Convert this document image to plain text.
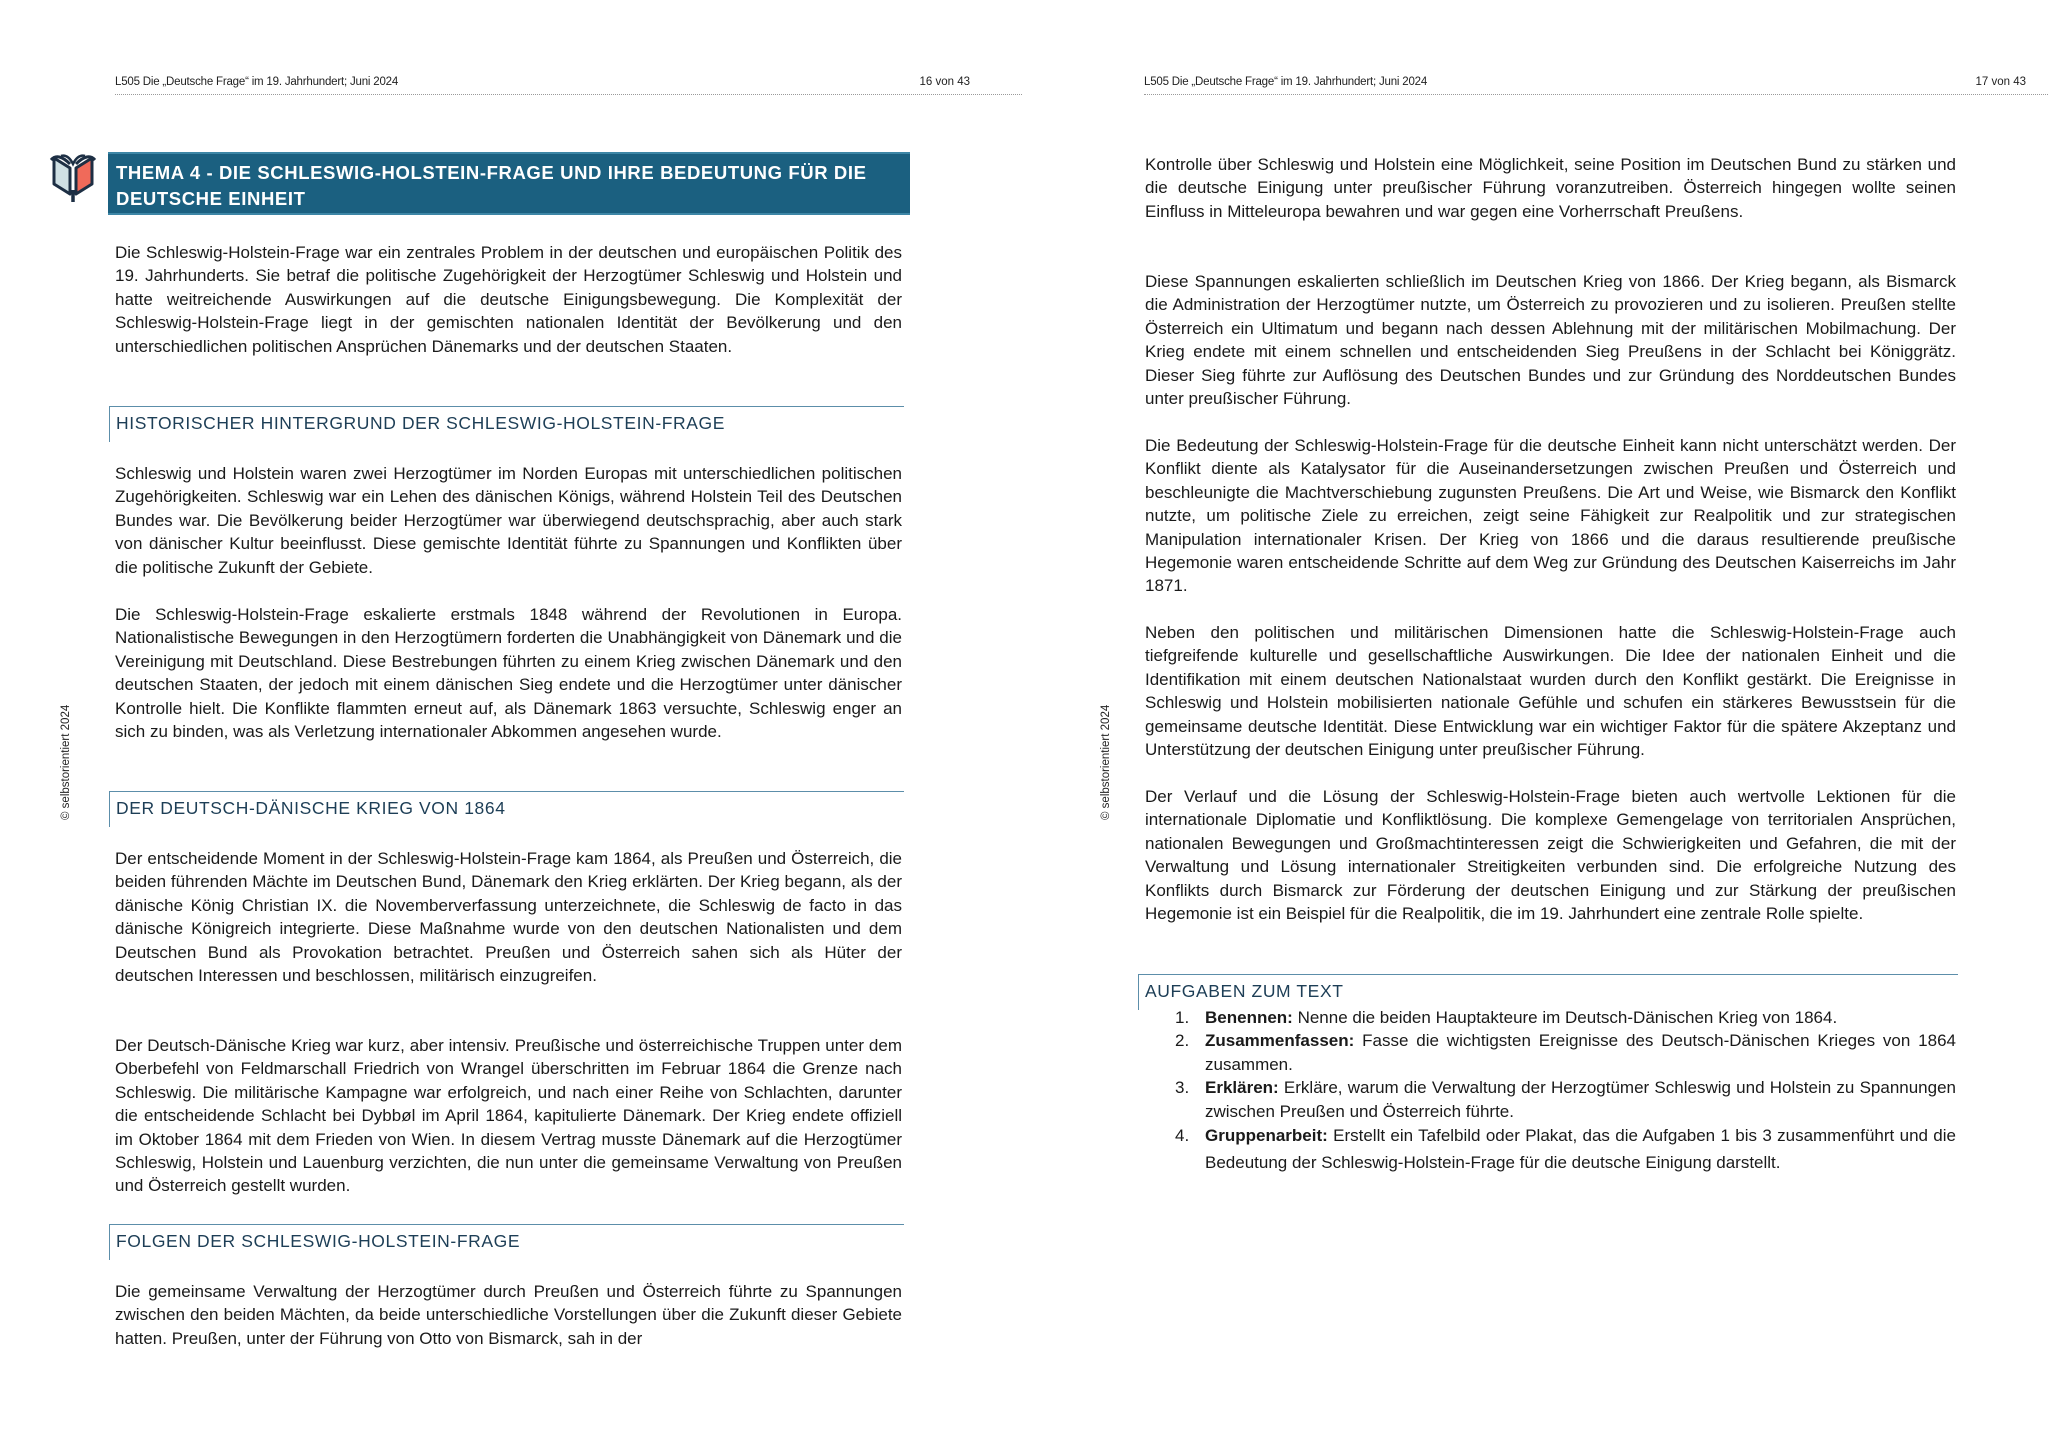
L505 Die „Deutsche Frage“ im 19. Jahrhundert; Juni 2024	16 von 43
© selbstorientiert 2024
THEMA 4 - DIE SCHLESWIG-HOLSTEIN-FRAGE UND IHRE BEDEUTUNG FÜR DIE DEUTSCHE EINHEIT

Die Schleswig-Holstein-Frage war ein zentrales Problem in der deutschen und europäischen Politik des 19. Jahrhunderts. Sie betraf die politische Zugehörigkeit der Herzogtümer Schleswig und Holstein und hatte weitreichende Auswirkungen auf die deutsche Einigungsbewegung. Die Komplexität der Schleswig-Holstein-Frage liegt in der gemischten nationalen Identität der Bevölkerung und den unterschiedlichen politischen Ansprüchen Dänemarks und der deutschen Staaten.

HISTORISCHER HINTERGRUND DER SCHLESWIG-HOLSTEIN-FRAGE

Schleswig und Holstein waren zwei Herzogtümer im Norden Europas mit unterschiedlichen politischen Zugehörigkeiten. Schleswig war ein Lehen des dänischen Königs, während Holstein Teil des Deutschen Bundes war. Die Bevölkerung beider Herzogtümer war überwiegend deutschsprachig, aber auch stark von dänischer Kultur beeinflusst. Diese gemischte Identität führte zu Spannungen und Konflikten über die politische Zukunft der Gebiete.

Die Schleswig-Holstein-Frage eskalierte erstmals 1848 während der Revolutionen in Europa. Nationalistische Bewegungen in den Herzogtümern forderten die Unabhängigkeit von Dänemark und die Vereinigung mit Deutschland. Diese Bestrebungen führten zu einem Krieg zwischen Dänemark und den deutschen Staaten, der jedoch mit einem dänischen Sieg endete und die Herzogtümer unter dänischer Kontrolle hielt. Die Konflikte flammten erneut auf, als Dänemark 1863 versuchte, Schleswig enger an sich zu binden, was als Verletzung internationaler Abkommen angesehen wurde.

DER DEUTSCH-DÄNISCHE KRIEG VON 1864

Der entscheidende Moment in der Schleswig-Holstein-Frage kam 1864, als Preußen und Österreich, die beiden führenden Mächte im Deutschen Bund, Dänemark den Krieg erklärten. Der Krieg begann, als der dänische König Christian IX. die Novemberverfassung unterzeichnete, die Schleswig de facto in das dänische Königreich integrierte. Diese Maßnahme wurde von den deutschen Nationalisten und dem Deutschen Bund als Provokation betrachtet. Preußen und Österreich sahen sich als Hüter der deutschen Interessen und beschlossen, militärisch einzugreifen.

Der Deutsch-Dänische Krieg war kurz, aber intensiv. Preußische und österreichische Truppen unter dem Oberbefehl von Feldmarschall Friedrich von Wrangel überschritten im Februar 1864 die Grenze nach Schleswig. Die militärische Kampagne war erfolgreich, und nach einer Reihe von Schlachten, darunter die entscheidende Schlacht bei Dybbøl im April 1864, kapitulierte Dänemark. Der Krieg endete offiziell im Oktober 1864 mit dem Frieden von Wien. In diesem Vertrag musste Dänemark auf die Herzogtümer Schleswig, Holstein und Lauenburg verzichten, die nun unter die gemeinsame Verwaltung von Preußen und Österreich gestellt wurden.

FOLGEN DER SCHLESWIG-HOLSTEIN-FRAGE

Die gemeinsame Verwaltung der Herzogtümer durch Preußen und Österreich führte zu Spannungen zwischen den beiden Mächten, da beide unterschiedliche Vorstellungen über die Zukunft dieser Gebiete hatten. Preußen, unter der Führung von Otto von Bismarck, sah in der

L505 Die „Deutsche Frage“ im 19. Jahrhundert; Juni 2024	17 von 43
© selbstorientiert 2024

Kontrolle über Schleswig und Holstein eine Möglichkeit, seine Position im Deutschen Bund zu stärken und die deutsche Einigung unter preußischer Führung voranzutreiben. Österreich hingegen wollte seinen Einfluss in Mitteleuropa bewahren und war gegen eine Vorherrschaft Preußens.

Diese Spannungen eskalierten schließlich im Deutschen Krieg von 1866. Der Krieg begann, als Bismarck die Administration der Herzogtümer nutzte, um Österreich zu provozieren und zu isolieren. Preußen stellte Österreich ein Ultimatum und begann nach dessen Ablehnung mit der militärischen Mobilmachung. Der Krieg endete mit einem schnellen und entscheidenden Sieg Preußens in der Schlacht bei Königgrätz. Dieser Sieg führte zur Auflösung des Deutschen Bundes und zur Gründung des Norddeutschen Bundes unter preußischer Führung.

Die Bedeutung der Schleswig-Holstein-Frage für die deutsche Einheit kann nicht unterschätzt werden. Der Konflikt diente als Katalysator für die Auseinandersetzungen zwischen Preußen und Österreich und beschleunigte die Machtverschiebung zugunsten Preußens. Die Art und Weise, wie Bismarck den Konflikt nutzte, um politische Ziele zu erreichen, zeigt seine Fähigkeit zur Realpolitik und zur strategischen Manipulation internationaler Krisen. Der Krieg von 1866 und die daraus resultierende preußische Hegemonie waren entscheidende Schritte auf dem Weg zur Gründung des Deutschen Kaiserreichs im Jahr 1871.

Neben den politischen und militärischen Dimensionen hatte die Schleswig-Holstein-Frage auch tiefgreifende kulturelle und gesellschaftliche Auswirkungen. Die Idee der nationalen Einheit und die Identifikation mit einem deutschen Nationalstaat wurden durch den Konflikt gestärkt. Die Ereignisse in Schleswig und Holstein mobilisierten nationale Gefühle und schufen ein stärkeres Bewusstsein für die gemeinsame deutsche Identität. Diese Entwicklung war ein wichtiger Faktor für die spätere Akzeptanz und Unterstützung der deutschen Einigung unter preußischer Führung.

Der Verlauf und die Lösung der Schleswig-Holstein-Frage bieten auch wertvolle Lektionen für die internationale Diplomatie und Konfliktlösung. Die komplexe Gemengelage von territorialen Ansprüchen, nationalen Bewegungen und Großmachtinteressen zeigt die Schwierigkeiten und Gefahren, die mit der Verwaltung und Lösung internationaler Streitigkeiten verbunden sind. Die erfolgreiche Nutzung des Konflikts durch Bismarck zur Förderung der deutschen Einigung und zur Stärkung der preußischen Hegemonie ist ein Beispiel für die Realpolitik, die im 19. Jahrhundert eine zentrale Rolle spielte.

AUFGABEN ZUM TEXT
1. Benennen: Nenne die beiden Hauptakteure im Deutsch-Dänischen Krieg von 1864.
2. Zusammenfassen: Fasse die wichtigsten Ereignisse des Deutsch-Dänischen Krieges von 1864 zusammen.
3. Erklären: Erkläre, warum die Verwaltung der Herzogtümer Schleswig und Holstein zu Spannungen zwischen Preußen und Österreich führte.
4. Gruppenarbeit: Erstellt ein Tafelbild oder Plakat, das die Aufgaben 1 bis 3 zusammenführt und die Bedeutung der Schleswig-Holstein-Frage für die deutsche Einigung darstellt.
